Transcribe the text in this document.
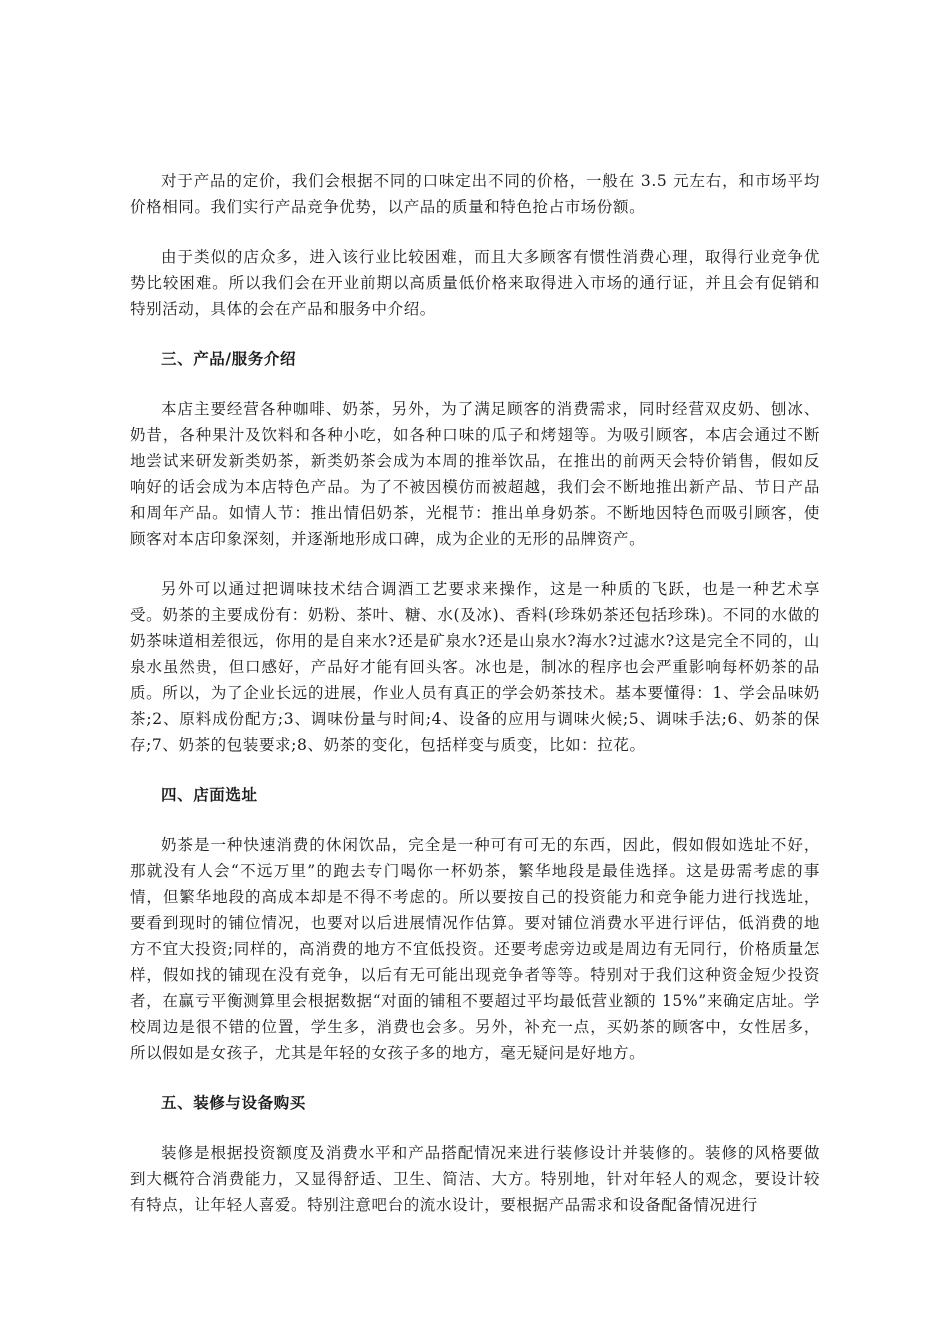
对于产品的定价，我们会根据不同的口味定出不同的价格，一般在 3.5 元左右，和市场平均价格相同。我们实行产品竞争优势，以产品的质量和特色抢占市场份额。

由于类似的店众多，进入该行业比较困难，而且大多顾客有惯性消费心理，取得行业竞争优势比较困难。所以我们会在开业前期以高质量低价格来取得进入市场的通行证，并且会有促销和特别活动，具体的会在产品和服务中介绍。

三、产品/服务介绍

本店主要经营各种咖啡、奶茶，另外，为了满足顾客的消费需求，同时经营双皮奶、刨冰、奶昔，各种果汁及饮料和各种小吃，如各种口味的瓜子和烤翅等。为吸引顾客，本店会通过不断地尝试来研发新类奶茶，新类奶茶会成为本周的推举饮品，在推出的前两天会特价销售，假如反响好的话会成为本店特色产品。为了不被因模仿而被超越，我们会不断地推出新产品、节日产品和周年产品。如情人节：推出情侣奶茶，光棍节：推出单身奶茶。不断地因特色而吸引顾客，使顾客对本店印象深刻，并逐渐地形成口碑，成为企业的无形的品牌资产。

另外可以通过把调味技术结合调酒工艺要求来操作，这是一种质的飞跃，也是一种艺术享受。奶茶的主要成份有：奶粉、茶叶、糖、水(及冰)、香料(珍珠奶茶还包括珍珠)。不同的水做的奶茶味道相差很远，你用的是自来水?还是矿泉水?还是山泉水?海水?过滤水?这是完全不同的，山泉水虽然贵，但口感好，产品好才能有回头客。冰也是，制冰的程序也会严重影响每杯奶茶的品质。所以，为了企业长远的进展，作业人员有真正的学会奶茶技术。基本要懂得：1、学会品味奶茶;2、原料成份配方;3、调味份量与时间;4、设备的应用与调味火候;5、调味手法;6、奶茶的保存;7、奶茶的包装要求;8、奶茶的变化，包括样变与质变，比如：拉花。

四、店面选址

奶茶是一种快速消费的休闲饮品，完全是一种可有可无的东西，因此，假如假如选址不好，那就没有人会“不远万里”的跑去专门喝你一杯奶茶，繁华地段是最佳选择。这是毋需考虑的事情，但繁华地段的高成本却是不得不考虑的。所以要按自己的投资能力和竞争能力进行找选址，要看到现时的铺位情况，也要对以后进展情况作估算。要对铺位消费水平进行评估，低消费的地方不宜大投资;同样的，高消费的地方不宜低投资。还要考虑旁边或是周边有无同行，价格质量怎样，假如找的铺现在没有竞争，以后有无可能出现竞争者等等。特别对于我们这种资金短少投资者，在赢亏平衡测算里会根据数据“对面的铺租不要超过平均最低营业额的 15%”来确定店址。学校周边是很不错的位置，学生多，消费也会多。另外，补充一点，买奶茶的顾客中，女性居多，所以假如是女孩子，尤其是年轻的女孩子多的地方，毫无疑问是好地方。

五、装修与设备购买

装修是根据投资额度及消费水平和产品搭配情况来进行装修设计并装修的。装修的风格要做到大概符合消费能力，又显得舒适、卫生、简洁、大方。特别地，针对年轻人的观念，要设计较有特点，让年轻人喜爱。特别注意吧台的流水设计，要根据产品需求和设备配备情况进行
